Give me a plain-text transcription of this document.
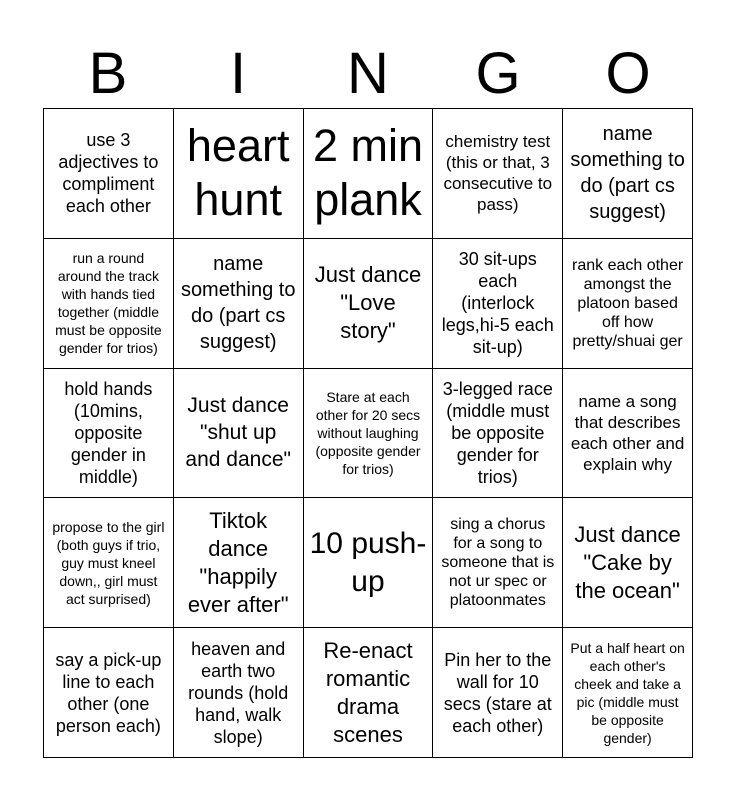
B	I	N	G	O
use 3 adjectives to compliment each other
heart hunt
2 min plank
chemistry test (this or that, 3 consecutive to pass)
name something to do (part cs suggest)
run a round around the track with hands tied together (middle must be opposite gender for trios)
name something to do (part cs suggest)
Just dance "Love story"
30 sit-ups each (interlock legs,hi-5 each sit-up)
rank each other amongst the platoon based off how pretty/shuai ger
hold hands (10mins, opposite gender in middle)
Just dance "shut up and dance"
Stare at each other for 20 secs without laughing (opposite gender for trios)
3-legged race (middle must be opposite gender for trios)
name a song that describes each other and explain why
propose to the girl (both guys if trio, guy must kneel down,, girl must act surprised)
Tiktok dance "happily ever after"
10 push-up
sing a chorus for a song to someone that is not ur spec or platoonmates
Just dance "Cake by the ocean"
say a pick-up line to each other (one person each)
heaven and earth two rounds (hold hand, walk slope)
Re-enact romantic drama scenes
Pin her to the wall for 10 secs (stare at each other)
Put a half heart on each other's cheek and take a pic (middle must be opposite gender)
